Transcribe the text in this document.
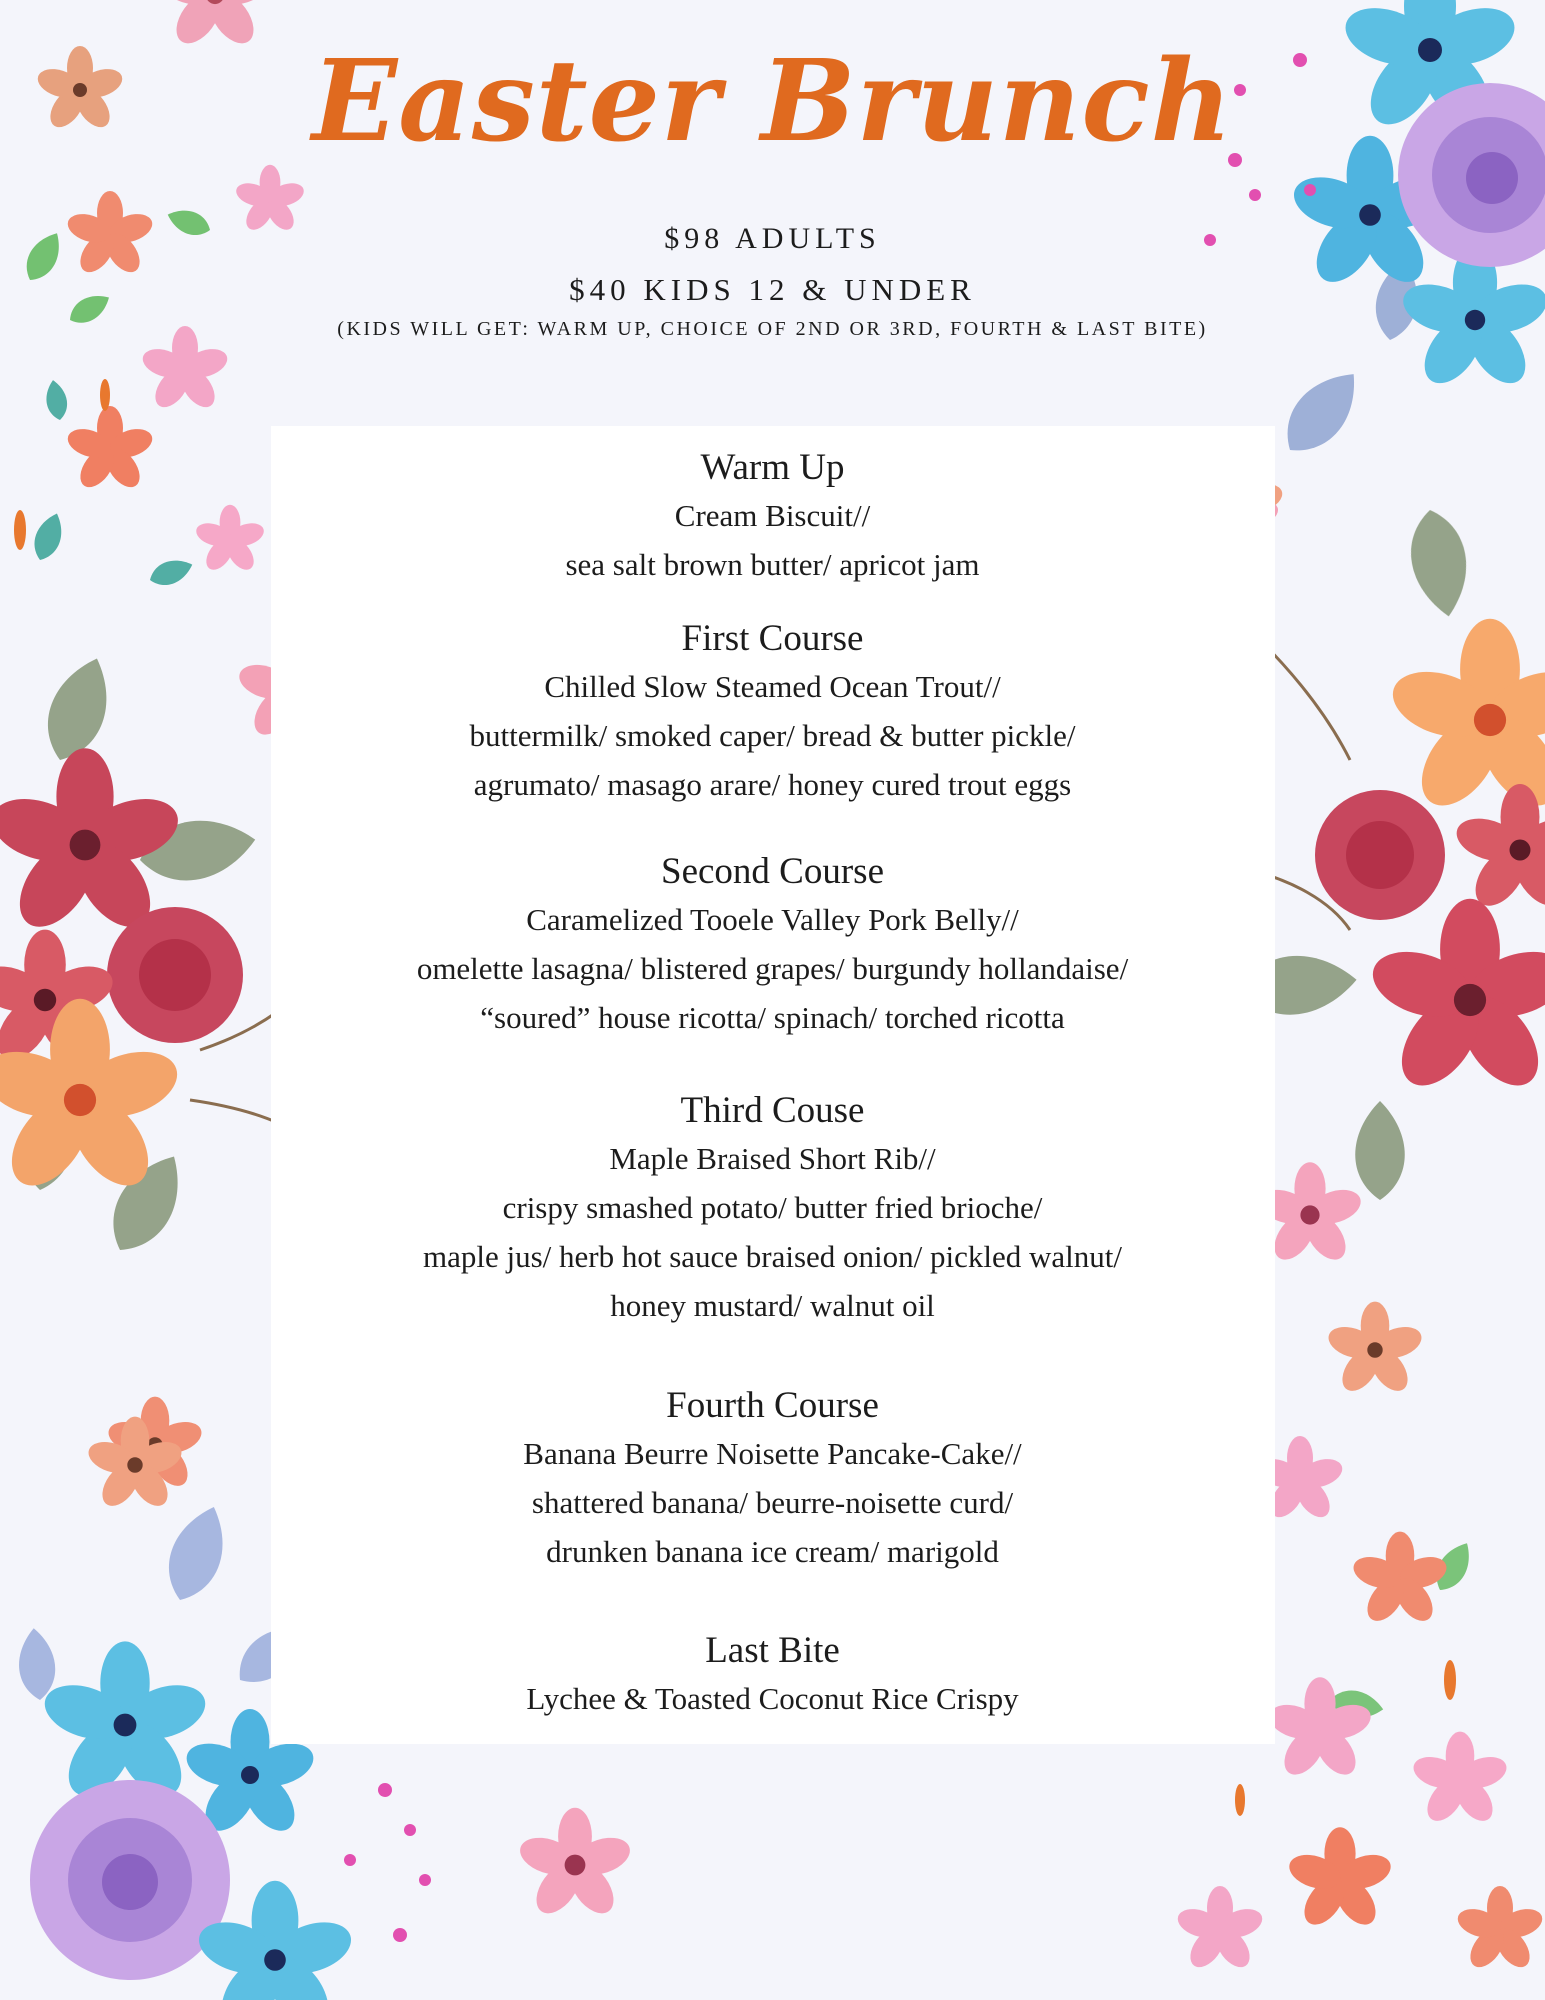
Easter Brunch
$98 ADULTS
$40 KIDS 12 & UNDER
(KIDS WILL GET: WARM UP, CHOICE OF 2ND OR 3RD, FOURTH & LAST BITE)
Warm Up
Cream Biscuit//
sea salt brown butter/ apricot jam
First Course
Chilled Slow Steamed Ocean Trout//
buttermilk/ smoked caper/ bread & butter pickle/
agrumato/ masago arare/ honey cured trout eggs
Second Course
Caramelized Tooele Valley Pork Belly//
omelette lasagna/ blistered grapes/ burgundy hollandaise/
“soured” house ricotta/ spinach/ torched ricotta
Third Couse
Maple Braised Short Rib//
crispy smashed potato/ butter fried brioche/
maple jus/ herb hot sauce braised onion/ pickled walnut/
honey mustard/ walnut oil
Fourth Course
Banana Beurre Noisette Pancake-Cake//
shattered banana/ beurre-noisette curd/
drunken banana ice cream/ marigold
Last Bite
Lychee & Toasted Coconut Rice Crispy
